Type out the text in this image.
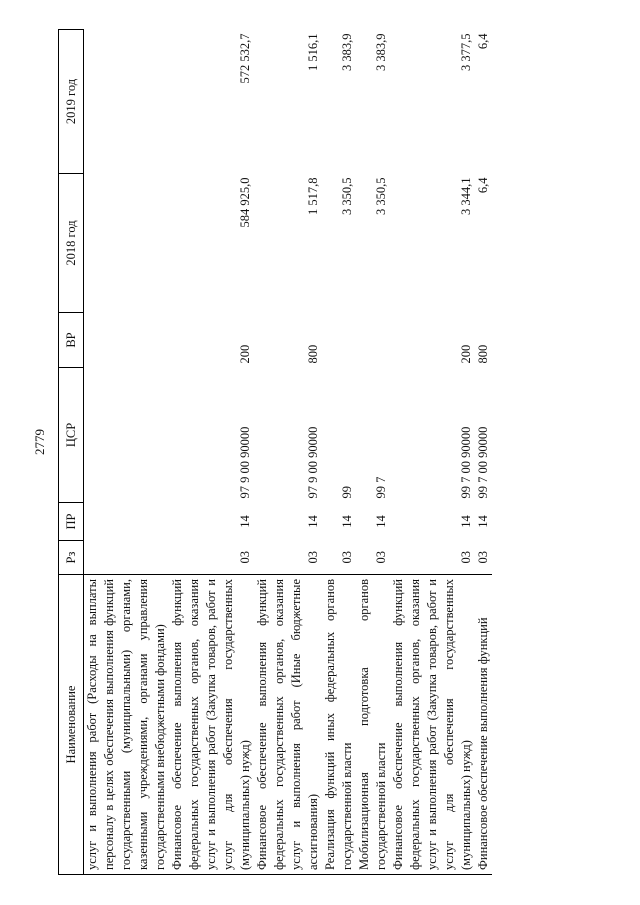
2779
Наименование	Рз	ПР	ЦСР	ВР	2018 год	2019 год
услуг и выполнения работ (Расходы на выплаты персоналу в целях обеспечения выполнения функций государственными (муниципальными) органами, казенными учреждениями, органами управления государственными внебюджетными фондами)						
Финансовое обеспечение выполнения функций федеральных государственных органов, оказания услуг и выполнения работ (Закупка товаров, работ и услуг для обеспечения государственных (муниципальных) нужд)	03	14	97 9 00 90000	200	584 925,0	572 532,7
Финансовое обеспечение выполнения функций федеральных государственных органов, оказания услуг и выполнения работ (Иные бюджетные ассигнования)	03	14	97 9 00 90000	800	1 517,8	1 516,1
Реализация функций иных федеральных органов государственной власти	03	14	99		3 350,5	3 383,9
Мобилизационная подготовка органов государственной власти	03	14	99 7		3 350,5	3 383,9
Финансовое обеспечение выполнения функций федеральных государственных органов, оказания услуг и выполнения работ (Закупка товаров, работ и услуг для обеспечения государственных (муниципальных) нужд)	03	14	99 7 00 90000	200	3 344,1	3 377,5
Финансовое обеспечение выполнения функций	03	14	99 7 00 90000	800	6,4	6,4
